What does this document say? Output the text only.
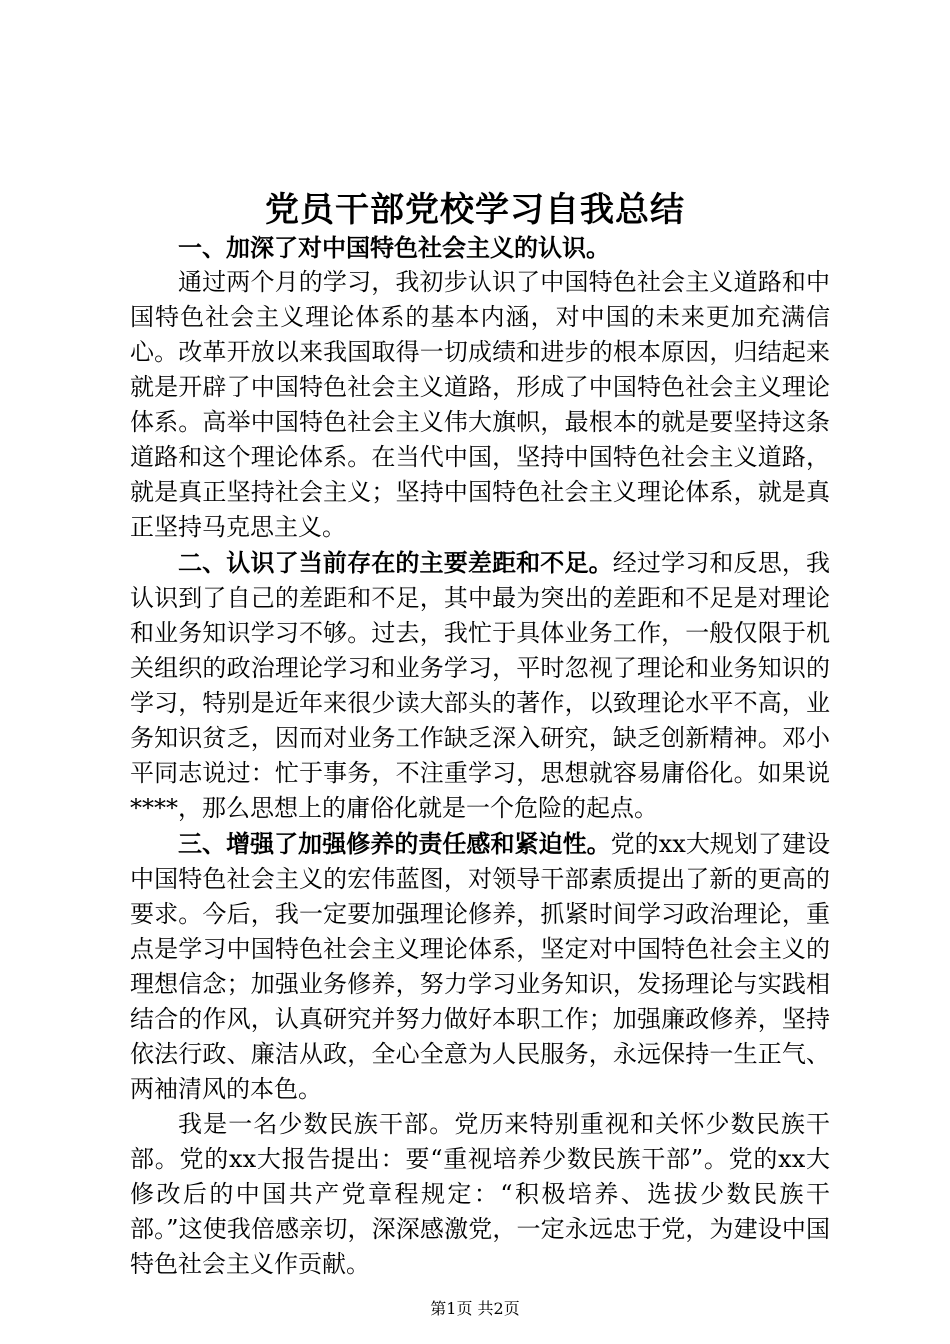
党员干部党校学习自我总结

一、加深了对中国特色社会主义的认识。

通过两个月的学习，我初步认识了中国特色社会主义道路和中国特色社会主义理论体系的基本内涵，对中国的未来更加充满信心。改革开放以来我国取得一切成绩和进步的根本原因，归结起来就是开辟了中国特色社会主义道路，形成了中国特色社会主义理论体系。高举中国特色社会主义伟大旗帜，最根本的就是要坚持这条道路和这个理论体系。在当代中国，坚持中国特色社会主义道路，就是真正坚持社会主义；坚持中国特色社会主义理论体系，就是真正坚持马克思主义。

二、认识了当前存在的主要差距和不足。经过学习和反思，我认识到了自己的差距和不足，其中最为突出的差距和不足是对理论和业务知识学习不够。过去，我忙于具体业务工作，一般仅限于机关组织的政治理论学习和业务学习，平时忽视了理论和业务知识的学习，特别是近年来很少读大部头的著作，以致理论水平不高，业务知识贫乏，因而对业务工作缺乏深入研究，缺乏创新精神。邓小平同志说过：忙于事务，不注重学习，思想就容易庸俗化。如果说****，那么思想上的庸俗化就是一个危险的起点。

三、增强了加强修养的责任感和紧迫性。党的xx大规划了建设中国特色社会主义的宏伟蓝图，对领导干部素质提出了新的更高的要求。今后，我一定要加强理论修养，抓紧时间学习政治理论，重点是学习中国特色社会主义理论体系，坚定对中国特色社会主义的理想信念；加强业务修养，努力学习业务知识，发扬理论与实践相结合的作风，认真研究并努力做好本职工作；加强廉政修养，坚持依法行政、廉洁从政，全心全意为人民服务，永远保持一生正气、两袖清风的本色。

我是一名少数民族干部。党历来特别重视和关怀少数民族干部。党的xx大报告提出：要“重视培养少数民族干部”。党的xx大修改后的中国共产党章程规定：“积极培养、选拔少数民族干部。”这使我倍感亲切，深深感激党，一定永远忠于党，为建设中国特色社会主义作贡献。

第1页 共2页
